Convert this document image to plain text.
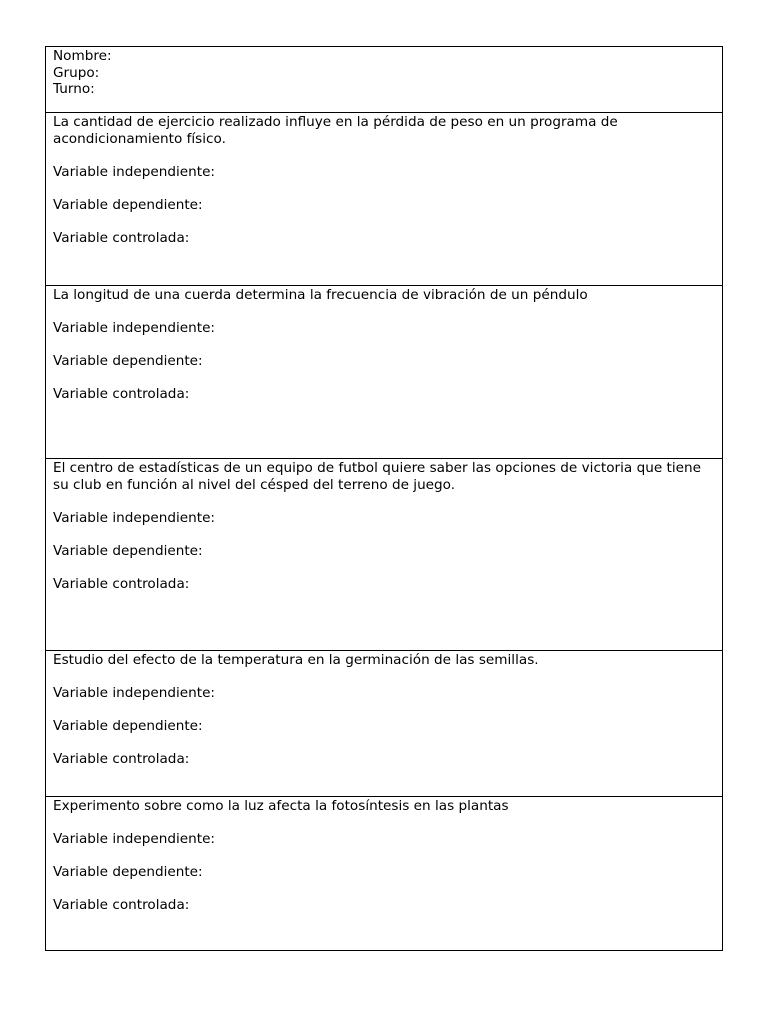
Nombre:
Grupo:
Turno:
La cantidad de ejercicio realizado influye en la pérdida de peso en un programa de
acondicionamiento físico.
Variable independiente:
Variable dependiente:
Variable controlada:
La longitud de una cuerda determina la frecuencia de vibración de un péndulo
Variable independiente:
Variable dependiente:
Variable controlada:
El centro de estadísticas de un equipo de futbol quiere saber las opciones de victoria que tiene
su club en función al nivel del césped del terreno de juego.
Variable independiente:
Variable dependiente:
Variable controlada:
Estudio del efecto de la temperatura en la germinación de las semillas.
Variable independiente:
Variable dependiente:
Variable controlada:
Experimento sobre como la luz afecta la fotosíntesis en las plantas
Variable independiente:
Variable dependiente:
Variable controlada:
